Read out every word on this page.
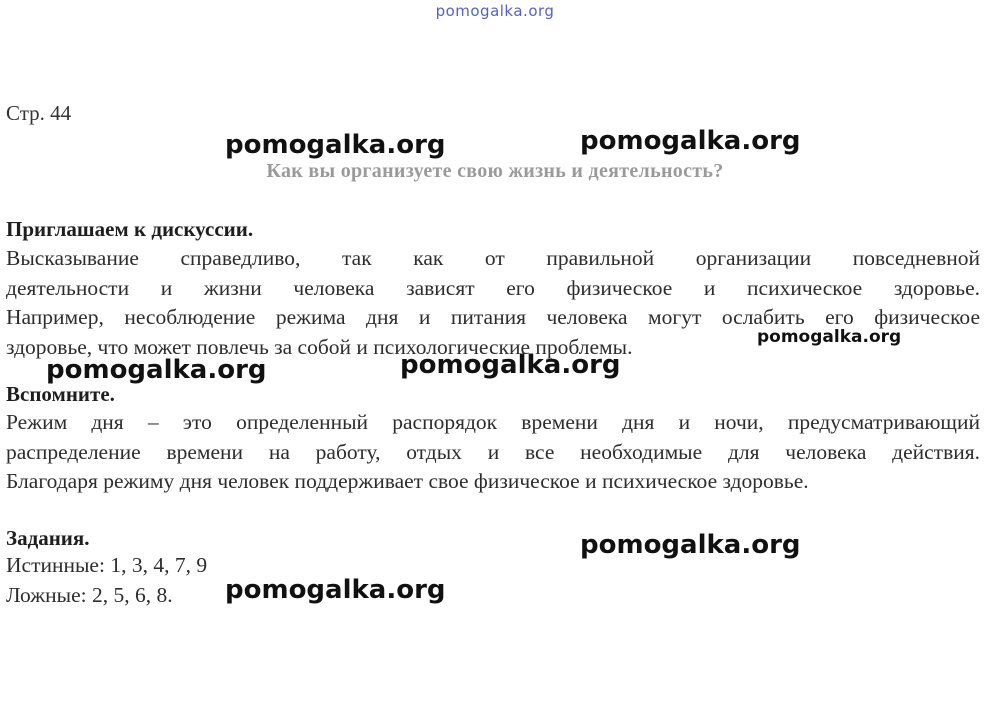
pomogalka.org
Стр. 44
Как вы организуете свою жизнь и деятельность?
Приглашаем к дискуссии.
Высказывание справедливо, так как от правильной организации повседневной
деятельности и жизни человека зависят его физическое и психическое здоровье.
Например, несоблюдение режима дня и питания человека могут ослабить его физическое
здоровье, что может повлечь за собой и психологические проблемы.
Вспомните.
Режим дня – это определенный распорядок времени дня и ночи, предусматривающий
распределение времени на работу, отдых и все необходимые для человека действия.
Благодаря режиму дня человек поддерживает свое физическое и психическое здоровье.
Задания.
Истинные: 1, 3, 4, 7, 9
Ложные: 2, 5, 6, 8.
pomogalka.org	pomogalka.org
pomogalka.org
pomogalka.org	pomogalka.org
pomogalka.org
pomogalka.org
